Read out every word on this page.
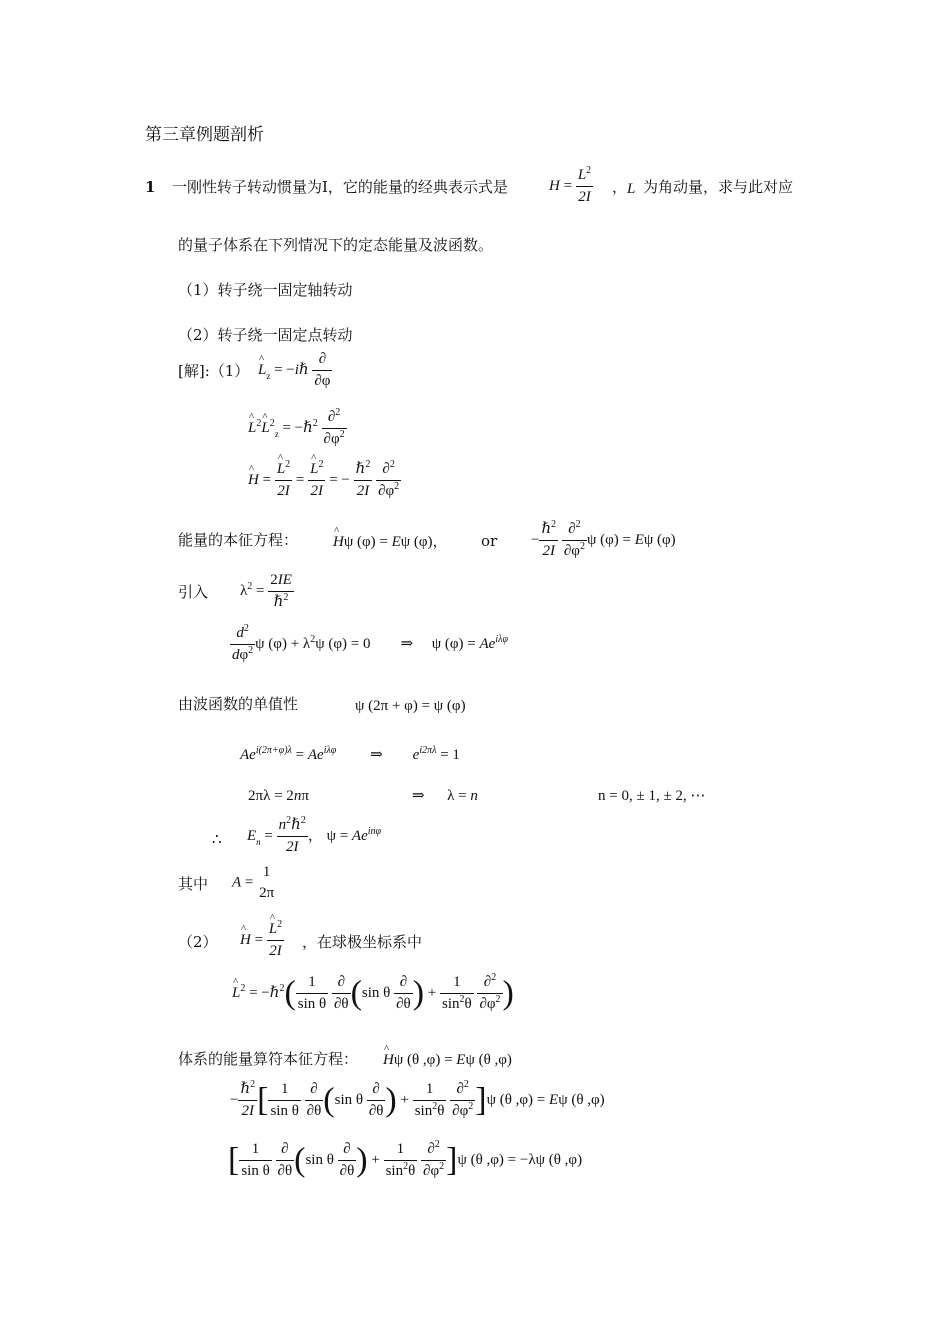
第三章例题剖析
1 一刚性转子转动惯量为I，它的能量的经典表示式是	$H = \frac{L^2}{2I}$ ， L 为角动量，求与此对应
的量子体系在下列情况下的定态能量及波函数。
（1）转子绕一固定轴转动
（2）转子绕一固定点转动
[解]:（1） ^ $L_z$ = −iℏ
∂
∂φ
^ $L^2\^{}$ $L^2_z$ = −ℏ$^2$ $\frac{\partial^2}{\partial\varphi^2}$
^ H = ^ $\frac{L^2}{2I}$ = ^ $\frac{L^2}{2I}$ = −
ℏ$^2$
2I
$\frac{\partial^2}{\partial\varphi^2}$
能量的本征方程： ^ Hψ (φ) = Eψ (φ)， or −
ℏ$^2$
2I
$\frac{\partial^2}{\partial\varphi^2}$ ψ (φ) = Eψ (φ)
引入 $\lambda^2$ =
2IE
ℏ$^2$
$\frac{d^2}{d\varphi^2}$ ψ $(\varphi) + \lambda^2\psi$ (φ) = 0        ⇒     ψ $(\varphi) = Ae^{i\lambda\varphi}$
由波函数的单值性	ψ (2π + φ) = ψ (φ)
$Ae^{i(2\pi+\varphi)\lambda} = Ae^{i\lambda\varphi}$         ⇒        $e^{i2\pi\lambda} = 1$
2πλ = 2nπ	⇒      λ = n	n = 0, ± 1, ± 2, ⋯
∴ $E_n$ =
$n^2\hbar^2$
2I
， $\psi = Ae^{in\varphi}$
其中 A =
1
2π
（2） ^ H = ^ $\frac{L^2}{2I}$ ，在球极坐标系中
^ $L^2$ = −ℏ$^2$( $\frac{1}{\text{sin θ}}$
∂
∂θ (sin θ
∂
∂θ ) + $\frac{1}{\sin^2\theta}$
$\frac{\partial^2}{\partial\varphi^2}$ )
体系的能量算符本征方程： ^ Hψ (θ ,φ) = Eψ (θ ,φ)
−
ℏ$^2$
2I [ $\frac{1}{\text{sin θ}}$
∂
∂θ (sin θ
∂
∂θ ) + $\frac{1}{\sin^2\theta}$
$\frac{\partial^2}{\partial\varphi^2} ]\psi$ (θ ,φ) = Eψ (θ ,φ)
[ $\frac{1}{\text{sin θ}}$
∂
∂θ (sin θ
∂
∂θ ) + $\frac{1}{\sin^2\theta}$
$\frac{\partial^2}{\partial\varphi^2} ]\psi$ (θ ,φ) = −λψ (θ ,φ)
